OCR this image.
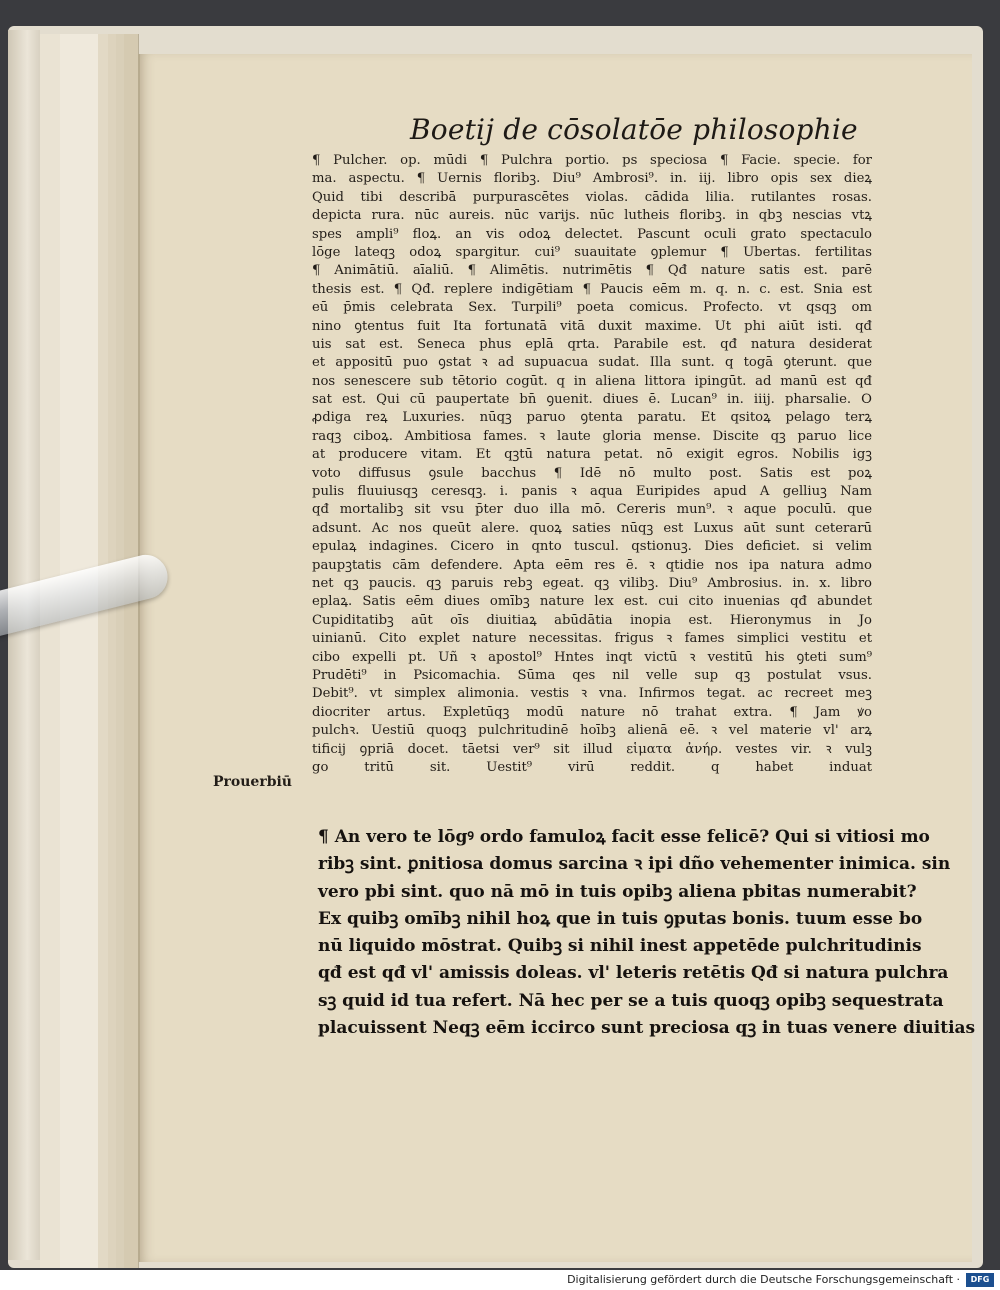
Boetij de cōsolatōe philosophie
¶ Pulcher. op. mūdi ¶ Pulchra portio. ps speciosa ¶ Facie. specie. for
ma. aspectu. ¶ Uernis floribꝫ. Diu⁹ Ambrosi⁹. in. iij. libro opis sex dieꝝ
Quid tibi describā purpurascētes violas. cādida lilia. rutilantes rosas.
depicta rura. nūc aureis. nūc varijs. nūc lutheis floribꝫ. in qbꝫ nescias vtꝝ
spes ampli⁹ floꝝ. an vis odoꝝ delectet. Pascunt oculi grato spectaculo
lōge lateqꝫ odoꝝ spargitur. cui⁹ suauitate ꝯplemur ¶ Ubertas. fertilitas
¶ Animātiū. aīaliū. ¶ Alimētis. nutrimētis ¶ Qđ nature satis est. parē
thesis est. ¶ Qđ. replere indigētiam ¶ Paucis eēm m. q. n. c. est. Snia est
eū p̄mis celebrata Sex. Turpili⁹ poeta comicus. Profecto. vt qsqꝫ om
nino ꝯtentus fuit Ita fortunatā vitā duxit maxime. Ut phi aiūt isti. qđ
uis sat est. Seneca phus eplā qrta. Parabile est. qđ natura desiderat
et appositū puo ꝯstat ꝛ ad supuacua sudat. Illa sunt. q togā ꝯterunt. que
nos senescere sub tētorio cogūt. q in aliena littora ipingūt. ad manū est qđ
sat est. Qui cū paupertate bn̄ ꝯuenit. diues ē. Lucan⁹ in. iiij. pharsalie. O
ꝓdiga reꝝ Luxuries. nūqꝫ paruo ꝯtenta paratu. Et qsitoꝝ pelago terꝝ
raqꝫ ciboꝝ. Ambitiosa fames. ꝛ laute gloria mense. Discite qꝫ paruo lice
at producere vitam. Et qꝫtū natura petat. nō exigit egros. Nobilis igꝫ
voto diffusus ꝯsule bacchus ¶ Idē nō multo post. Satis est poꝝ
pulis fluuiusqꝫ ceresqꝫ. i. panis ꝛ aqua Euripides apud A gelliuꝫ Nam
qđ mortalibꝫ sit vsu p̄ter duo illa mō. Cereris mun⁹. ꝛ aque poculū. que
adsunt. Ac nos queūt alere. quoꝝ saties nūqꝫ est Luxus aūt sunt ceterarū
epulaꝝ indagines. Cicero in qnto tuscul. qstionuꝫ. Dies deficiet. si velim
paupꝫtatis cām defendere. Apta eēm res ē. ꝛ qtidie nos ipa natura admo
net qꝫ paucis. qꝫ paruis rebꝫ egeat. qꝫ vilibꝫ. Diu⁹ Ambrosius. in. x. libro
eplaꝝ. Satis eēm diues omībꝫ nature lex est. cui cito inuenias qđ abundet
Cupiditatibꝫ aūt oīs diuitiaꝝ abūdātia inopia est. Hieronymus in Jo
uinianū. Cito explet nature necessitas. frigus ꝛ fames simplici vestitu et
cibo expelli pt. Uñ ꝛ apostol⁹ Hntes inqt victū ꝛ vestitū his ꝯteti sum⁹
Prudēti⁹ in Psicomachia. Sūma qes nil velle sup qꝫ postulat vsus.
Debit⁹. vt simplex alimonia. vestis ꝛ vna. Infirmos tegat. ac recreet meꝫ
diocriter artus. Expletūqꝫ modū nature nō trahat extra. ¶ Jam ꝟo
pulchꝛ. Uestiū quoqꝫ pulchritudinē hoībꝫ alienā eē. ꝛ vel materie vl' arꝝ
tificij ꝯpriā docet. tāetsi ver⁹ sit illud εἱματα ἀνήρ. vestes vir. ꝛ vulꝫ
go tritū sit. Uestit⁹ virū reddit. q habet induat
Prouerbiū
¶ An vero te lōgꝰ ordo famuloꝝ facit esse felicē? Qui si vitiosi mo
ribꝫ sint. ꝑnitiosa domus sarcina ꝛ ipi dño vehementer inimica. sin
vero pbi sint. quo nā mō in tuis opibꝫ aliena pbitas numerabit?
Ex quibꝫ omībꝫ nihil hoꝝ que in tuis ꝯputas bonis. tuum esse bo
nū liquido mōstrat. Quibꝫ si nihil inest appetēde pulchritudinis
qđ est qđ vl' amissis doleas. vl' leteris retētis Qđ si natura pulchra
sꝫ quid id tua refert. Nā hec per se a tuis quoqꝫ opibꝫ sequestrata
placuissent Neqꝫ eēm iccirco sunt preciosa qꝫ in tuas venere diuitias
Digitalisierung gefördert durch die Deutsche Forschungsgemeinschaft ·	DFG
